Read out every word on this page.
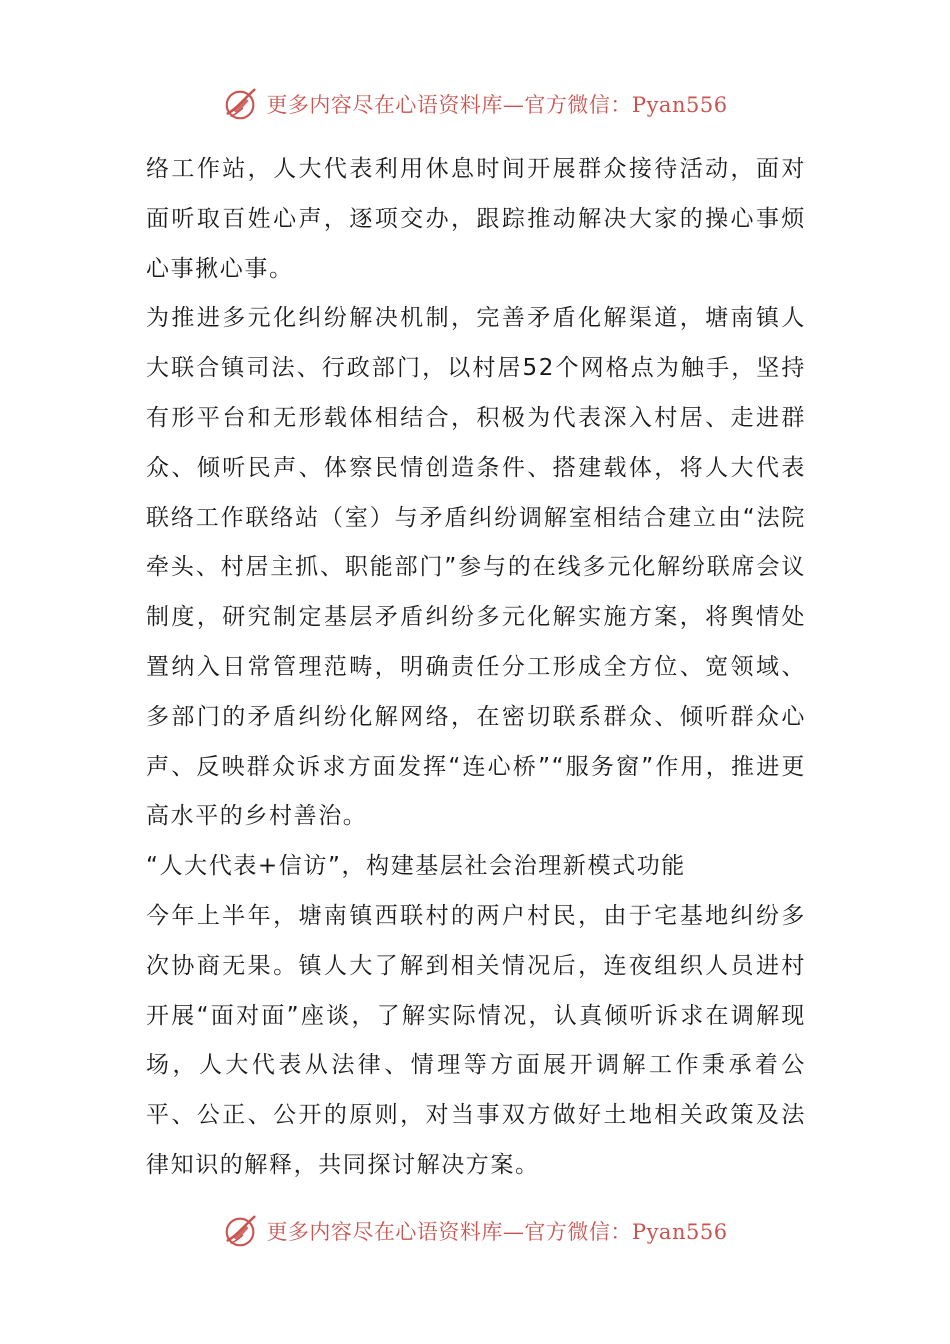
更多内容尽在心语资料库—官方微信：Pyan556

络工作站，人大代表利用休息时间开展群众接待活动，面对面听取百姓心声，逐项交办，跟踪推动解决大家的操心事烦心事揪心事。

为推进多元化纠纷解决机制，完善矛盾化解渠道，塘南镇人大联合镇司法、行政部门，以村居52个网格点为触手，坚持有形平台和无形载体相结合，积极为代表深入村居、走进群众、倾听民声、体察民情创造条件、搭建载体，将人大代表联络工作联络站（室）与矛盾纠纷调解室相结合建立由“法院牵头、村居主抓、职能部门”参与的在线多元化解纷联席会议制度，研究制定基层矛盾纠纷多元化解实施方案，将舆情处置纳入日常管理范畴，明确责任分工形成全方位、宽领域、多部门的矛盾纠纷化解网络，在密切联系群众、倾听群众心声、反映群众诉求方面发挥“连心桥”“服务窗”作用，推进更高水平的乡村善治。

“人大代表+信访”，构建基层社会治理新模式功能

今年上半年，塘南镇西联村的两户村民，由于宅基地纠纷多次协商无果。镇人大了解到相关情况后，连夜组织人员进村开展“面对面”座谈，了解实际情况，认真倾听诉求在调解现场，人大代表从法律、情理等方面展开调解工作秉承着公平、公正、公开的原则，对当事双方做好土地相关政策及法律知识的解释，共同探讨解决方案。

更多内容尽在心语资料库—官方微信：Pyan556
